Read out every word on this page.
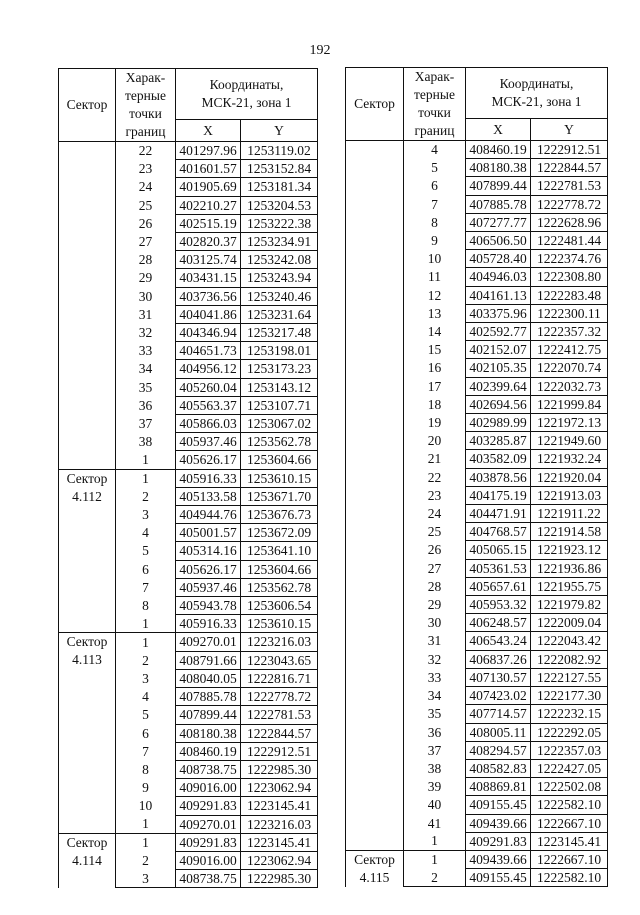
192
Сектор	Харак-
терные
точки
границ	Координаты,
МСК-21, зона 1	
		X	Y
	22	401297.96	1253119.02
	23	401601.57	1253152.84
	24	401905.69	1253181.34
	25	402210.27	1253204.53
	26	402515.19	1253222.38
	27	402820.37	1253234.91
	28	403125.74	1253242.08
	29	403431.15	1253243.94
	30	403736.56	1253240.46
	31	404041.86	1253231.64
	32	404346.94	1253217.48
	33	404651.73	1253198.01
	34	404956.12	1253173.23
	35	405260.04	1253143.12
	36	405563.37	1253107.71
	37	405866.03	1253067.02
	38	405937.46	1253562.78
	1	405626.17	1253604.66

Сектор 4.112	1	405916.33	1253610.15
	2	405133.58	1253671.70
	3	404944.76	1253676.73
	4	405001.57	1253672.09
	5	405314.16	1253641.10
	6	405626.17	1253604.66
	7	405937.46	1253562.78
	8	405943.78	1253606.54
	1	405916.33	1253610.15

Сектор 4.113	1	409270.01	1223216.03
	2	408791.66	1223043.65
	3	408040.05	1222816.71
	4	407885.78	1222778.72
	5	407899.44	1222781.53
	6	408180.38	1222844.57
	7	408460.19	1222912.51
	8	408738.75	1222985.30
	9	409016.00	1223062.94
	10	409291.83	1223145.41
	1	409270.01	1223216.03

Сектор 4.114	1	409291.83	1223145.41
	2	409016.00	1223062.94
	3	408738.75	1222985.30
Сектор	Харак-
терные
точки
границ	Координаты,
МСК-21, зона 1	
		X	Y
	4	408460.19	1222912.51
	5	408180.38	1222844.57
	6	407899.44	1222781.53
	7	407885.78	1222778.72
	8	407277.77	1222628.96
	9	406506.50	1222481.44
	10	405728.40	1222374.76
	11	404946.03	1222308.80
	12	404161.13	1222283.48
	13	403375.96	1222300.11
	14	402592.77	1222357.32
	15	402152.07	1222412.75
	16	402105.35	1222070.74
	17	402399.64	1222032.73
	18	402694.56	1221999.84
	19	402989.99	1221972.13
	20	403285.87	1221949.60
	21	403582.09	1221932.24
	22	403878.56	1221920.04
	23	404175.19	1221913.03
	24	404471.91	1221911.22
	25	404768.57	1221914.58
	26	405065.15	1221923.12
	27	405361.53	1221936.86
	28	405657.61	1221955.75
	29	405953.32	1221979.82
	30	406248.57	1222009.04
	31	406543.24	1222043.42
	32	406837.26	1222082.92
	33	407130.57	1222127.55
	34	407423.02	1222177.30
	35	407714.57	1222232.15
	36	408005.11	1222292.05
	37	408294.57	1222357.03
	38	408582.83	1222427.05
	39	408869.81	1222502.08
	40	409155.45	1222582.10
	41	409439.66	1222667.10
	1	409291.83	1223145.41

Сектор 4.115	1	409439.66	1222667.10
	2	409155.45	1222582.10
